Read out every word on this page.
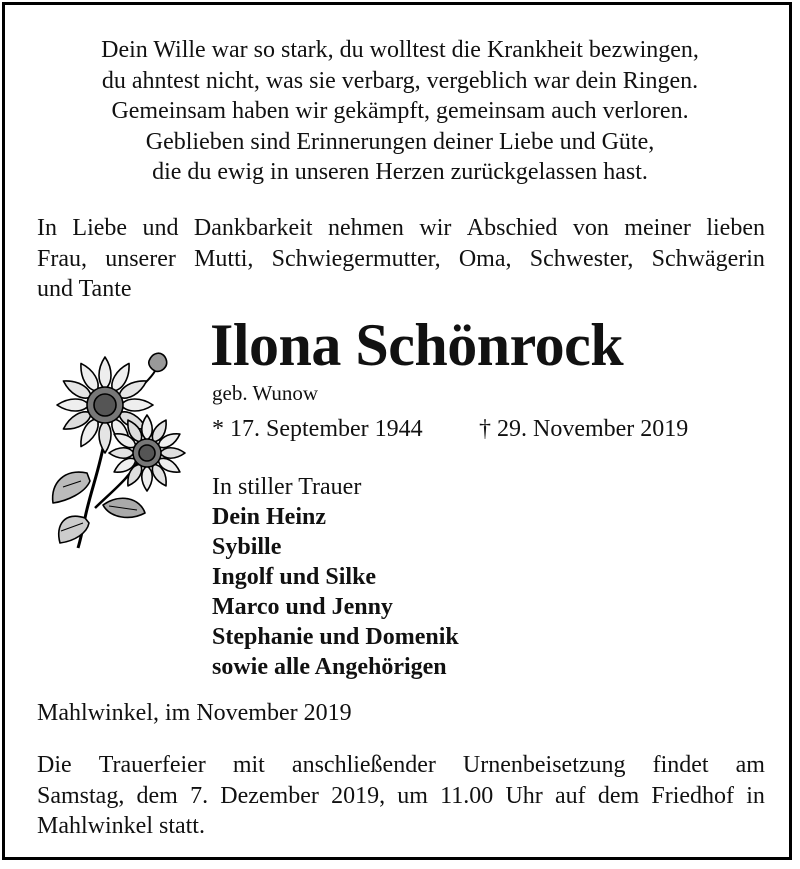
Dein Wille war so stark, du wolltest die Krankheit bezwingen,
du ahntest nicht, was sie verbarg, vergeblich war dein Ringen.
Gemeinsam haben wir gekämpft, gemeinsam auch verloren.
Geblieben sind Erinnerungen deiner Liebe und Güte,
die du ewig in unseren Herzen zurückgelassen hast.
In Liebe und Dankbarkeit nehmen wir Abschied von meiner lieben
Frau, unserer Mutti, Schwiegermutter, Oma, Schwester, Schwägerin
und Tante
Ilona Schönrock
geb. Wunow
* 17. September 1944 † 29. November 2019
In stiller Trauer
Dein Heinz
Sybille
Ingolf und Silke
Marco und Jenny
Stephanie und Domenik
sowie alle Angehörigen
Mahlwinkel, im November 2019
Die Trauerfeier mit anschließender Urnenbeisetzung findet am
Samstag, dem 7. Dezember 2019, um 11.00 Uhr auf dem Friedhof in
Mahlwinkel statt.
